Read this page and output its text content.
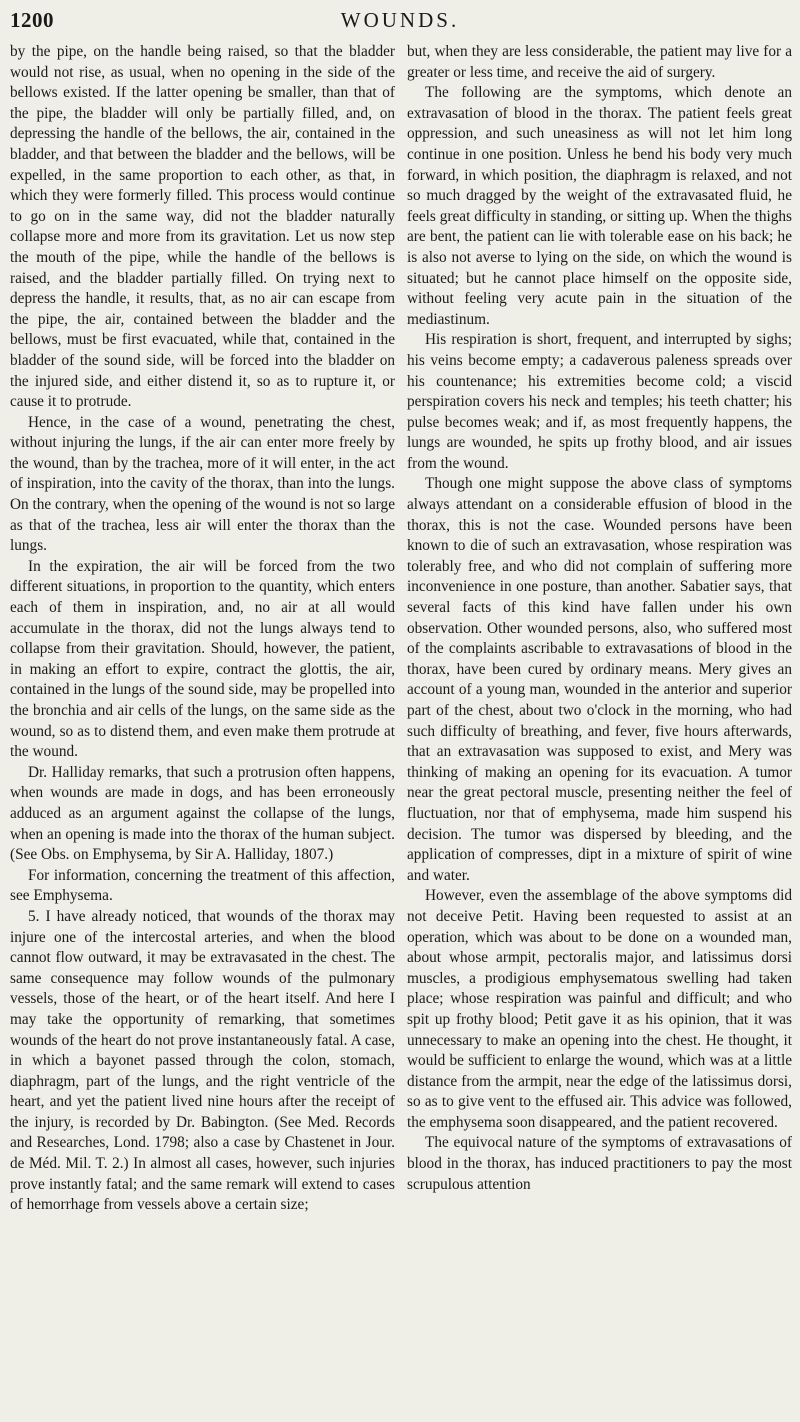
1200	WOUNDS.

by the pipe, on the handle being raised, so that the bladder would not rise, as usual, when no opening in the side of the bellows existed. If the latter opening be smaller, than that of the pipe, the bladder will only be partially filled, and, on depressing the handle of the bellows, the air, contained in the bladder, and that between the bladder and the bellows, will be expelled, in the same proportion to each other, as that, in which they were formerly filled. This process would continue to go on in the same way, did not the bladder naturally collapse more and more from its gravitation. Let us now step the mouth of the pipe, while the handle of the bellows is raised, and the bladder partially filled. On trying next to depress the handle, it results, that, as no air can escape from the pipe, the air, contained between the bladder and the bellows, must be first evacuated, while that, contained in the bladder of the sound side, will be forced into the bladder on the injured side, and either distend it, so as to rupture it, or cause it to protrude.

Hence, in the case of a wound, penetrating the chest, without injuring the lungs, if the air can enter more freely by the wound, than by the trachea, more of it will enter, in the act of inspiration, into the cavity of the thorax, than into the lungs. On the contrary, when the opening of the wound is not so large as that of the trachea, less air will enter the thorax than the lungs.

In the expiration, the air will be forced from the two different situations, in proportion to the quantity, which enters each of them in inspiration, and, no air at all would accumulate in the thorax, did not the lungs always tend to collapse from their gravitation. Should, however, the patient, in making an effort to expire, contract the glottis, the air, contained in the lungs of the sound side, may be propelled into the bronchia and air cells of the lungs, on the same side as the wound, so as to distend them, and even make them protrude at the wound.

Dr. Halliday remarks, that such a protrusion often happens, when wounds are made in dogs, and has been erroneously adduced as an argument against the collapse of the lungs, when an opening is made into the thorax of the human subject. (See Obs. on Emphysema, by Sir A. Halliday, 1807.)

For information, concerning the treatment of this affection, see Emphysema.

5. I have already noticed, that wounds of the thorax may injure one of the intercostal arteries, and when the blood cannot flow outward, it may be extravasated in the chest. The same consequence may follow wounds of the pulmonary vessels, those of the heart, or of the heart itself. And here I may take the opportunity of remarking, that sometimes wounds of the heart do not prove instantaneously fatal. A case, in which a bayonet passed through the colon, stomach, diaphragm, part of the lungs, and the right ventricle of the heart, and yet the patient lived nine hours after the receipt of the injury, is recorded by Dr. Babington. (See Med. Records and Researches, Lond. 1798; also a case by Chastenet in Jour. de Méd. Mil. T. 2.) In almost all cases, however, such injuries prove instantly fatal; and the same remark will extend to cases of hemorrhage from vessels above a certain size;

but, when they are less considerable, the patient may live for a greater or less time, and receive the aid of surgery.

The following are the symptoms, which denote an extravasation of blood in the thorax. The patient feels great oppression, and such uneasiness as will not let him long continue in one position. Unless he bend his body very much forward, in which position, the diaphragm is relaxed, and not so much dragged by the weight of the extravasated fluid, he feels great difficulty in standing, or sitting up. When the thighs are bent, the patient can lie with tolerable ease on his back; he is also not averse to lying on the side, on which the wound is situated; but he cannot place himself on the opposite side, without feeling very acute pain in the situation of the mediastinum.

His respiration is short, frequent, and interrupted by sighs; his veins become empty; a cadaverous paleness spreads over his countenance; his extremities become cold; a viscid perspiration covers his neck and temples; his teeth chatter; his pulse becomes weak; and if, as most frequently happens, the lungs are wounded, he spits up frothy blood, and air issues from the wound.

Though one might suppose the above class of symptoms always attendant on a considerable effusion of blood in the thorax, this is not the case. Wounded persons have been known to die of such an extravasation, whose respiration was tolerably free, and who did not complain of suffering more inconvenience in one posture, than another. Sabatier says, that several facts of this kind have fallen under his own observation. Other wounded persons, also, who suffered most of the complaints ascribable to extravasations of blood in the thorax, have been cured by ordinary means. Mery gives an account of a young man, wounded in the anterior and superior part of the chest, about two o'clock in the morning, who had such difficulty of breathing, and fever, five hours afterwards, that an extravasation was supposed to exist, and Mery was thinking of making an opening for its evacuation. A tumor near the great pectoral muscle, presenting neither the feel of fluctuation, nor that of emphysema, made him suspend his decision. The tumor was dispersed by bleeding, and the application of compresses, dipt in a mixture of spirit of wine and water.

However, even the assemblage of the above symptoms did not deceive Petit. Having been requested to assist at an operation, which was about to be done on a wounded man, about whose armpit, pectoralis major, and latissimus dorsi muscles, a prodigious emphysematous swelling had taken place; whose respiration was painful and difficult; and who spit up frothy blood; Petit gave it as his opinion, that it was unnecessary to make an opening into the chest. He thought, it would be sufficient to enlarge the wound, which was at a little distance from the armpit, near the edge of the latissimus dorsi, so as to give vent to the effused air. This advice was followed, the emphysema soon disappeared, and the patient recovered.

The equivocal nature of the symptoms of extravasations of blood in the thorax, has induced practitioners to pay the most scrupulous attention
